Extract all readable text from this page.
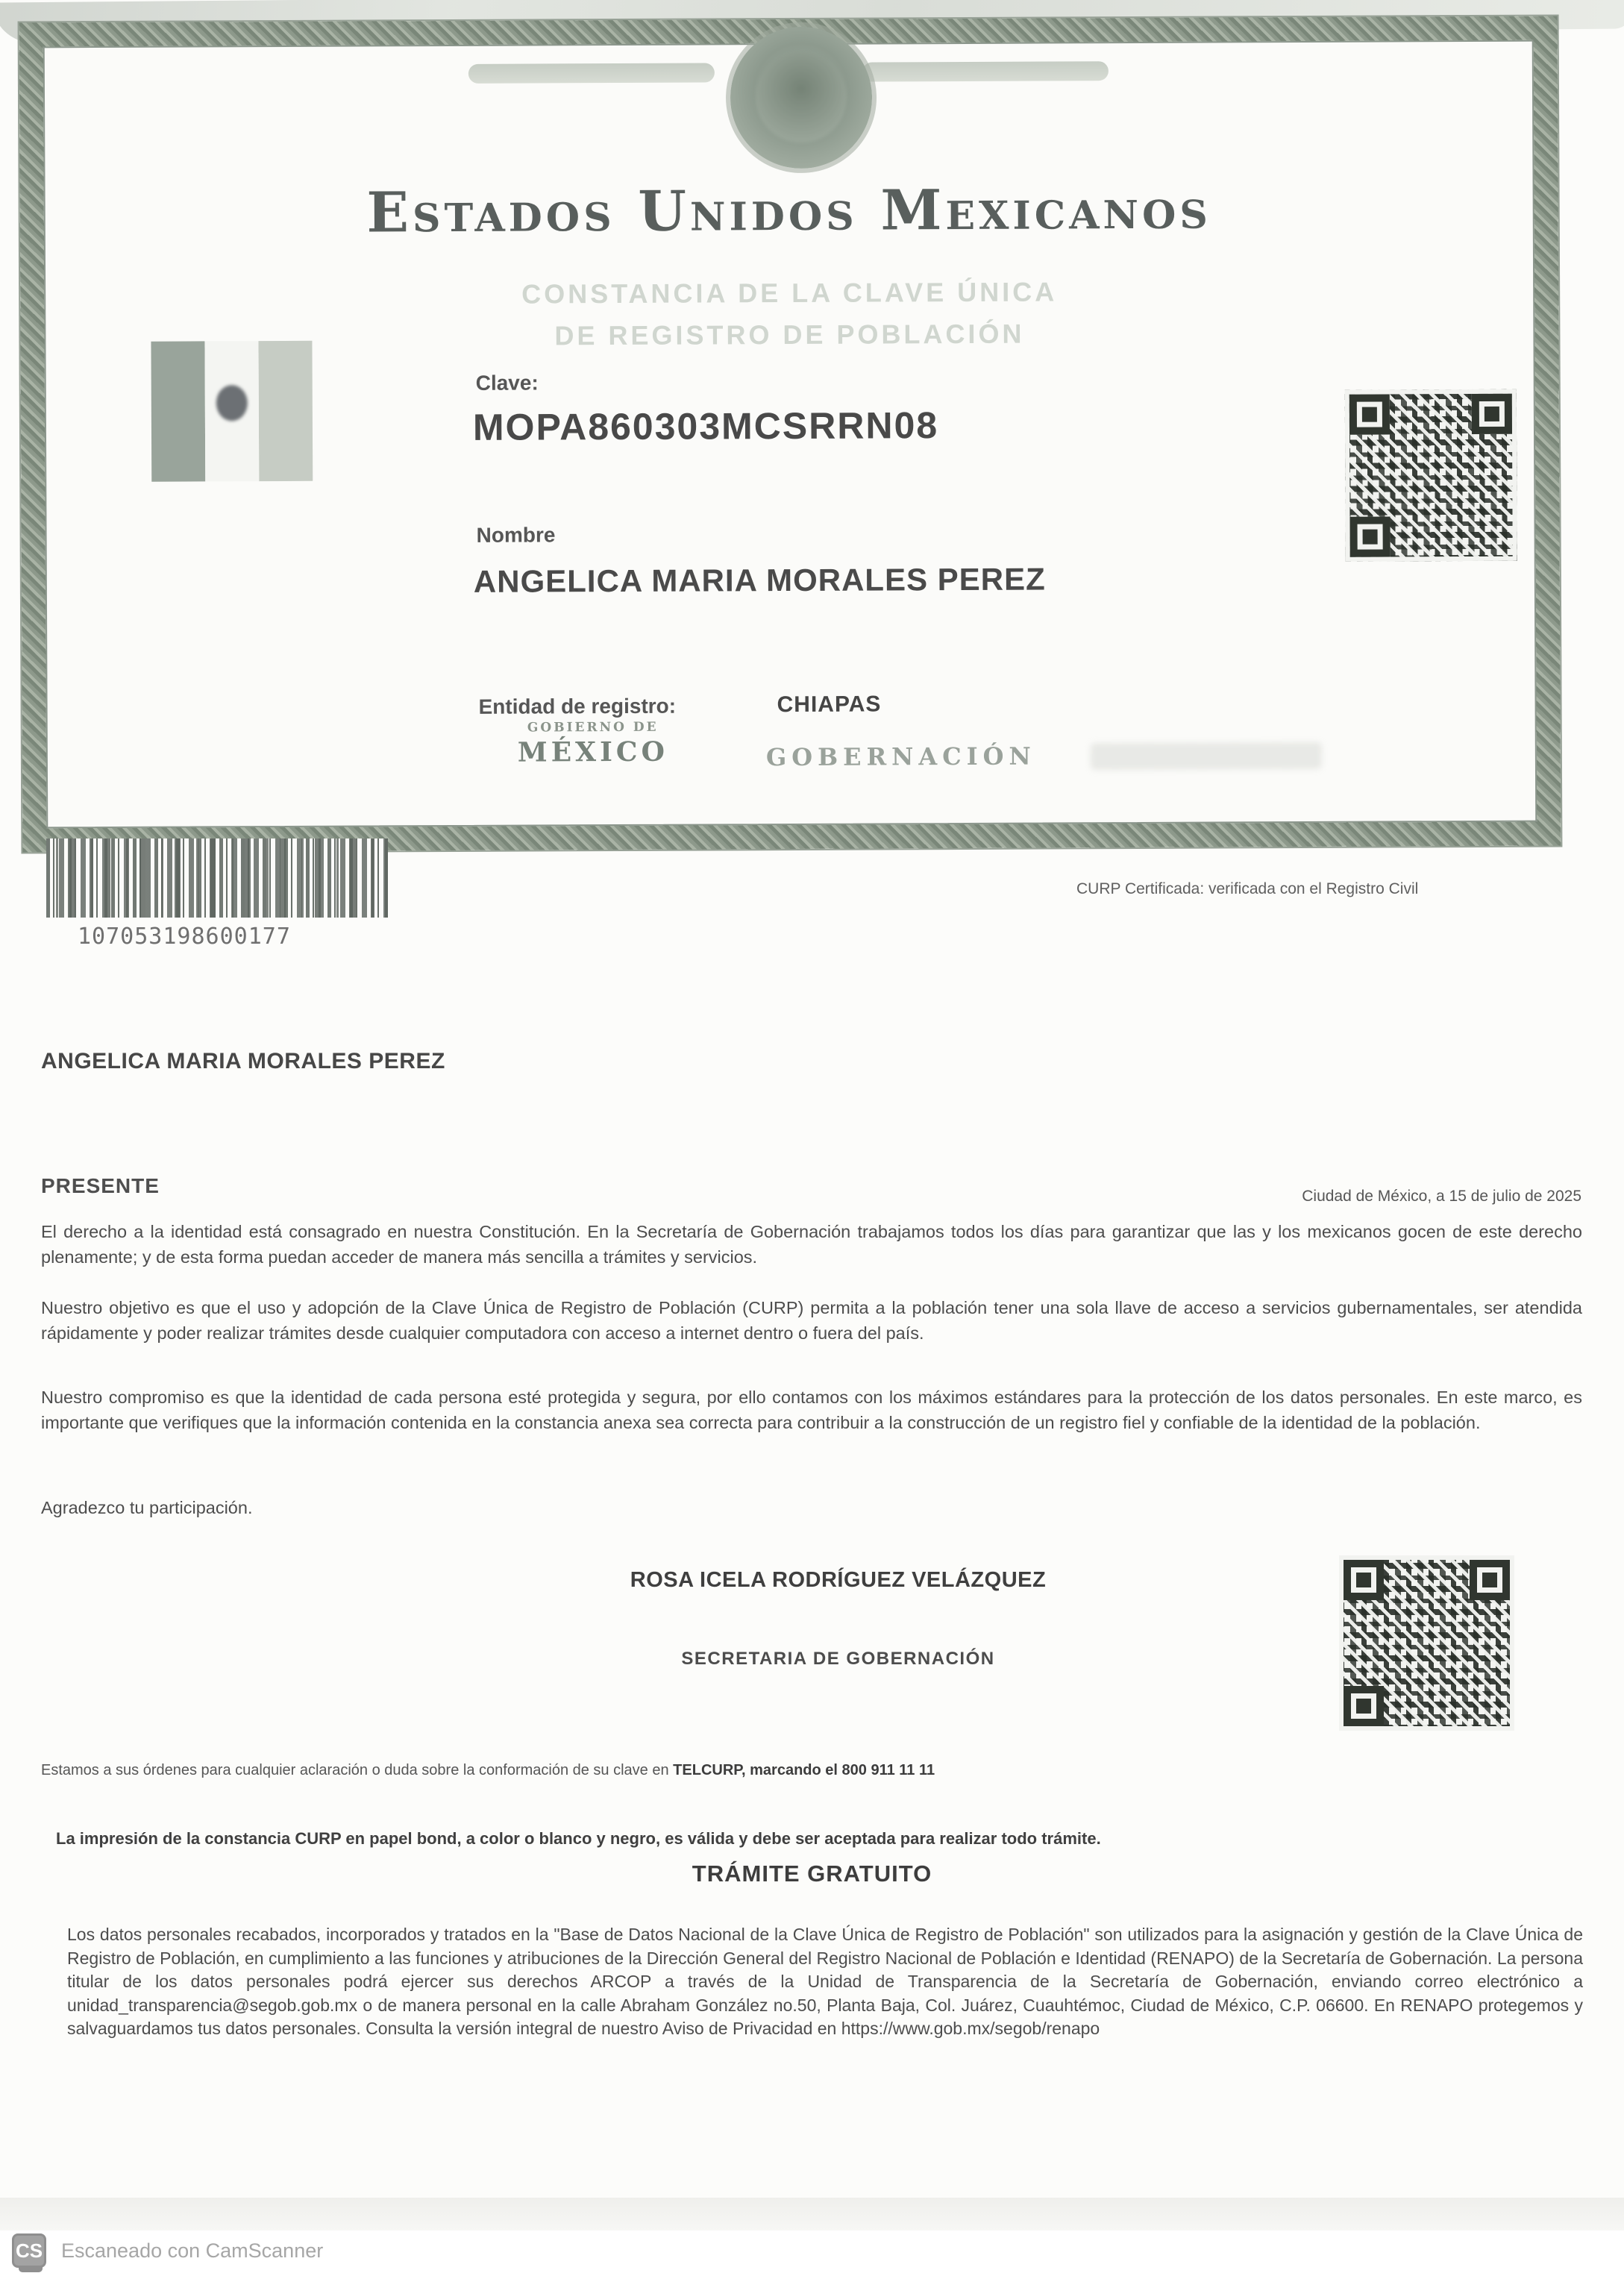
Estados Unidos Mexicanos
CONSTANCIA DE LA CLAVE ÚNICA
DE REGISTRO DE POBLACIÓN
Clave:
MOPA860303MCSRRN08
Nombre
ANGELICA MARIA MORALES PEREZ
Entidad de registro:	CHIAPAS
GOBIERNO DE
MÉXICO	GOBERNACIÓN
107053198600177
CURP Certificada: verificada con el Registro Civil
ANGELICA MARIA MORALES PEREZ
PRESENTE	Ciudad de México, a 15 de julio de 2025
El derecho a la identidad está consagrado en nuestra Constitución. En la Secretaría de Gobernación trabajamos todos los días para garantizar que las y los mexicanos gocen de este derecho plenamente; y de esta forma puedan acceder de manera más sencilla a trámites y servicios.
Nuestro objetivo es que el uso y adopción de la Clave Única de Registro de Población (CURP) permita a la población tener una sola llave de acceso a servicios gubernamentales, ser atendida rápidamente y poder realizar trámites desde cualquier computadora con acceso a internet dentro o fuera del país.
Nuestro compromiso es que la identidad de cada persona esté protegida y segura, por ello contamos con los máximos estándares para la protección de los datos personales. En este marco, es importante que verifiques que la información contenida en la constancia anexa sea correcta para contribuir a la construcción de un registro fiel y confiable de la identidad de la población.
Agradezco tu participación.
ROSA ICELA RODRÍGUEZ VELÁZQUEZ
SECRETARIA DE GOBERNACIÓN
Estamos a sus órdenes para cualquier aclaración o duda sobre la conformación de su clave en TELCURP, marcando el 800 911 11 11
La impresión de la constancia CURP en papel bond, a color o blanco y negro, es válida y debe ser aceptada para realizar todo trámite.
TRÁMITE GRATUITO
Los datos personales recabados, incorporados y tratados en la "Base de Datos Nacional de la Clave Única de Registro de Población" son utilizados para la asignación y gestión de la Clave Única de Registro de Población, en cumplimiento a las funciones y atribuciones de la Dirección General del Registro Nacional de Población e Identidad (RENAPO) de la Secretaría de Gobernación. La persona titular de los datos personales podrá ejercer sus derechos ARCOP a través de la Unidad de Transparencia de la Secretaría de Gobernación, enviando correo electrónico a unidad_transparencia@segob.gob.mx o de manera personal en la calle Abraham González no.50, Planta Baja, Col. Juárez, Cuauhtémoc, Ciudad de México, C.P. 06600. En RENAPO protegemos y salvaguardamos tus datos personales. Consulta la versión integral de nuestro Aviso de Privacidad en https://www.gob.mx/segob/renapo
CS Escaneado con CamScanner
